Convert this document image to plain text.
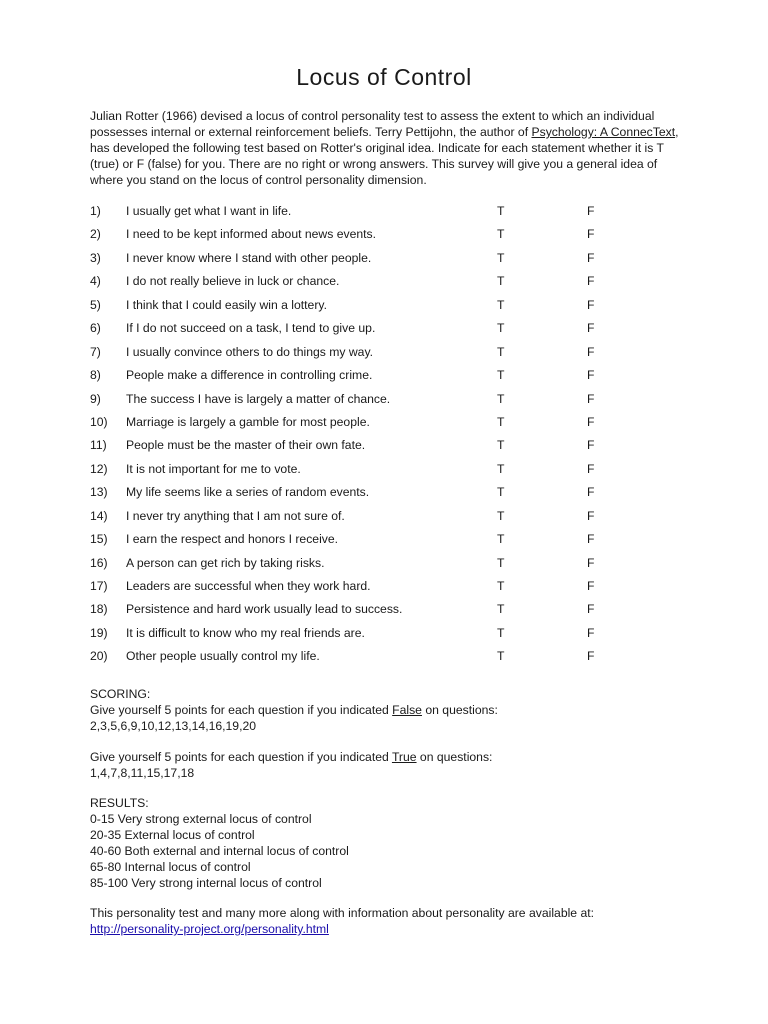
Locus of Control
Julian Rotter (1966) devised a locus of control personality test to assess the extent to which an individual possesses internal or external reinforcement beliefs. Terry Pettijohn, the author of Psychology: A ConnecText, has developed the following test based on Rotter's original idea. Indicate for each statement whether it is T (true) or F (false) for you. There are no right or wrong answers. This survey will give you a general idea of where you stand on the locus of control personality dimension.
1) I usually get what I want in life.	T	F
2) I need to be kept informed about news events.	T	F
3) I never know where I stand with other people.	T	F
4) I do not really believe in luck or chance.	T	F
5) I think that I could easily win a lottery.	T	F
6) If I do not succeed on a task, I tend to give up.	T	F
7) I usually convince others to do things my way.	T	F
8) People make a difference in controlling crime.	T	F
9) The success I have is largely a matter of chance.	T	F
10) Marriage is largely a gamble for most people.	T	F
11) People must be the master of their own fate.	T	F
12) It is not important for me to vote.	T	F
13) My life seems like a series of random events.	T	F
14) I never try anything that I am not sure of.	T	F
15) I earn the respect and honors I receive.	T	F
16) A person can get rich by taking risks.	T	F
17) Leaders are successful when they work hard.	T	F
18) Persistence and hard work usually lead to success.	T	F
19) It is difficult to know who my real friends are.	T	F
20) Other people usually control my life.	T	F
SCORING:
Give yourself 5 points for each question if you indicated False on questions:
2,3,5,6,9,10,12,13,14,16,19,20
Give yourself 5 points for each question if you indicated True on questions:
1,4,7,8,11,15,17,18
RESULTS:
0-15 Very strong external locus of control
20-35 External locus of control
40-60 Both external and internal locus of control
65-80 Internal locus of control
85-100 Very strong internal locus of control
This personality test and many more along with information about personality are available at:
http://personality-project.org/personality.html
